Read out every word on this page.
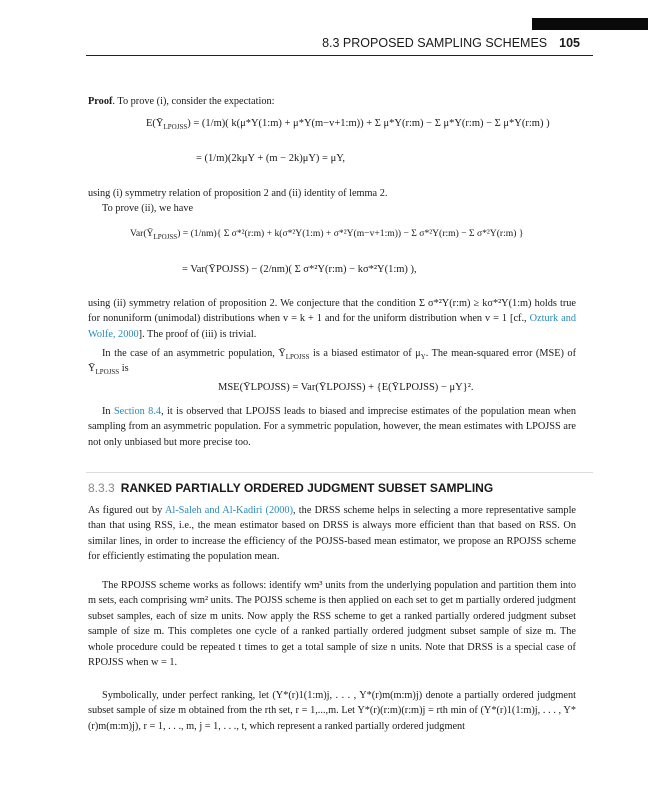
8.3 PROPOSED SAMPLING SCHEMES 105
Proof. To prove (i), consider the expectation:
$E(Ȳ_{LPOJSS}) = (1/m)$( k(μ*Y(1:m) + μ*Y(m−v+1:m)) + Σ μ*Y(r:m) − Σ μ*Y(r:m) − Σ μ*Y(r:m) )
= (1/m)(2kμY + (m − 2k)μY) = μY,
using (i) symmetry relation of proposition 2 and (ii) identity of lemma 2.
To prove (ii), we have
$Var(Ȳ_{LPOJSS}) = (1/nm)${ Σ σ*²(r:m) + k(σ*²Y(1:m) + σ*²Y(m−v+1:m)) − Σ σ*²Y(r:m) − Σ σ*²Y(r:m) }
= Var(ȲPOJSS) − (2/nm)( Σ σ*²Y(r:m) − kσ*²Y(1:m) ),
using (ii) symmetry relation of proposition 2. We conjecture that the condition Σ σ*²Y(r:m) ≥ kσ*²Y(1:m) holds true for nonuniform (unimodal) distributions when v = k + 1 and for the uniform distribution when v = 1 [cf., Ozturk and Wolfe, 2000]. The proof of (iii) is trivial.
In the case of an asymmetric population, $Ȳ_{LPOJSS}$ is a biased estimator of $\mu_Y$. The mean-squared error (MSE) of $Ȳ_{LPOJSS}$ is
MSE(ȲLPOJSS) = Var(ȲLPOJSS) + {E(ȲLPOJSS) − μY}².
In Section 8.4, it is observed that LPOJSS leads to biased and imprecise estimates of the population mean when sampling from an asymmetric population. For a symmetric population, however, the mean estimates with LPOJSS are not only unbiased but more precise too.
8.3.3 RANKED PARTIALLY ORDERED JUDGMENT SUBSET SAMPLING
As figured out by Al-Saleh and Al-Kadiri (2000), the DRSS scheme helps in selecting a more representative sample than that using RSS, i.e., the mean estimator based on DRSS is always more efficient than that based on RSS. On similar lines, in order to increase the efficiency of the POJSS-based mean estimator, we propose an RPOJSS scheme for efficiently estimating the population mean.
The RPOJSS scheme works as follows: identify wm³ units from the underlying population and partition them into m sets, each comprising wm² units. The POJSS scheme is then applied on each set to get m partially ordered judgment subset samples, each of size m units. Now apply the RSS scheme to get a ranked partially ordered judgment subset sample of size m. This completes one cycle of a ranked partially ordered judgment subset sample of size m. The whole procedure could be repeated t times to get a total sample of size n units. Note that DRSS is a special case of RPOJSS when w = 1.
Symbolically, under perfect ranking, let (Y*(r)1(1:m)j, . . . , Y*(r)m(m:m)j) denote a partially ordered judgment subset sample of size m obtained from the rth set, r = 1,...,m. Let Y*(r)(r:m)(r:m)j = rth min of (Y*(r)1(1:m)j, . . . , Y*(r)m(m:m)j), r = 1, . . ., m, j = 1, . . ., t, which represent a ranked partially ordered judgment
